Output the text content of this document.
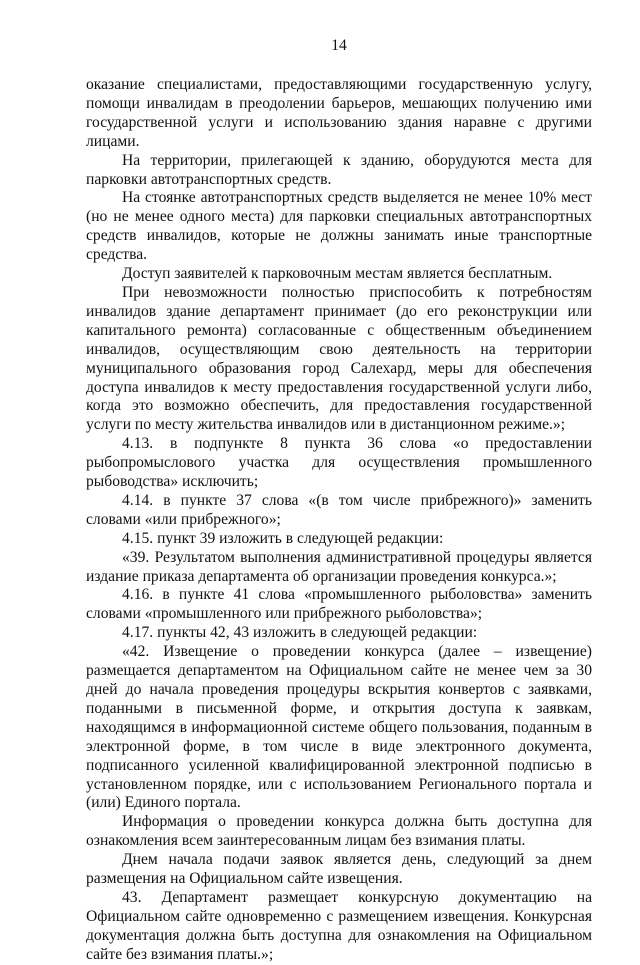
14

оказание специалистами, предоставляющими государственную услугу, помощи инвалидам в преодолении барьеров, мешающих получению ими государственной услуги и использованию здания наравне с другими лицами.

На территории, прилегающей к зданию, оборудуются места для парковки автотранспортных средств.

На стоянке автотранспортных средств выделяется не менее 10% мест (но не менее одного места) для парковки специальных автотранспортных средств инвалидов, которые не должны занимать иные транспортные средства.

Доступ заявителей к парковочным местам является бесплатным.

При невозможности полностью приспособить к потребностям инвалидов здание департамент принимает (до его реконструкции или капитального ремонта) согласованные с общественным объединением инвалидов, осуществляющим свою деятельность на территории муниципального образования город Салехард, меры для обеспечения доступа инвалидов к месту предоставления государственной услуги либо, когда это возможно обеспечить, для предоставления государственной услуги по месту жительства инвалидов или в дистанционном режиме.»;

4.13. в подпункте 8 пункта 36 слова «о предоставлении рыбопромыслового участка для осуществления промышленного рыбоводства» исключить;

4.14. в пункте 37 слова «(в том числе прибрежного)» заменить словами «или прибрежного»;

4.15. пункт 39 изложить в следующей редакции:

«39. Результатом выполнения административной процедуры является издание приказа департамента об организации проведения конкурса.»;

4.16. в пункте 41 слова «промышленного рыболовства» заменить словами «промышленного или прибрежного рыболовства»;

4.17. пункты 42, 43 изложить в следующей редакции:

«42. Извещение о проведении конкурса (далее – извещение) размещается департаментом на Официальном сайте не менее чем за 30 дней до начала проведения процедуры вскрытия конвертов с заявками, поданными в письменной форме, и открытия доступа к заявкам, находящимся в информационной системе общего пользования, поданным в электронной форме, в том числе в виде электронного документа, подписанного усиленной квалифицированной электронной подписью в установленном порядке, или с использованием Регионального портала и (или) Единого портала.

Информация о проведении конкурса должна быть доступна для ознакомления всем заинтересованным лицам без взимания платы.

Днем начала подачи заявок является день, следующий за днем размещения на Официальном сайте извещения.

43. Департамент размещает конкурсную документацию на Официальном сайте одновременно с размещением извещения. Конкурсная документация должна быть доступна для ознакомления на Официальном сайте без взимания платы.»;
